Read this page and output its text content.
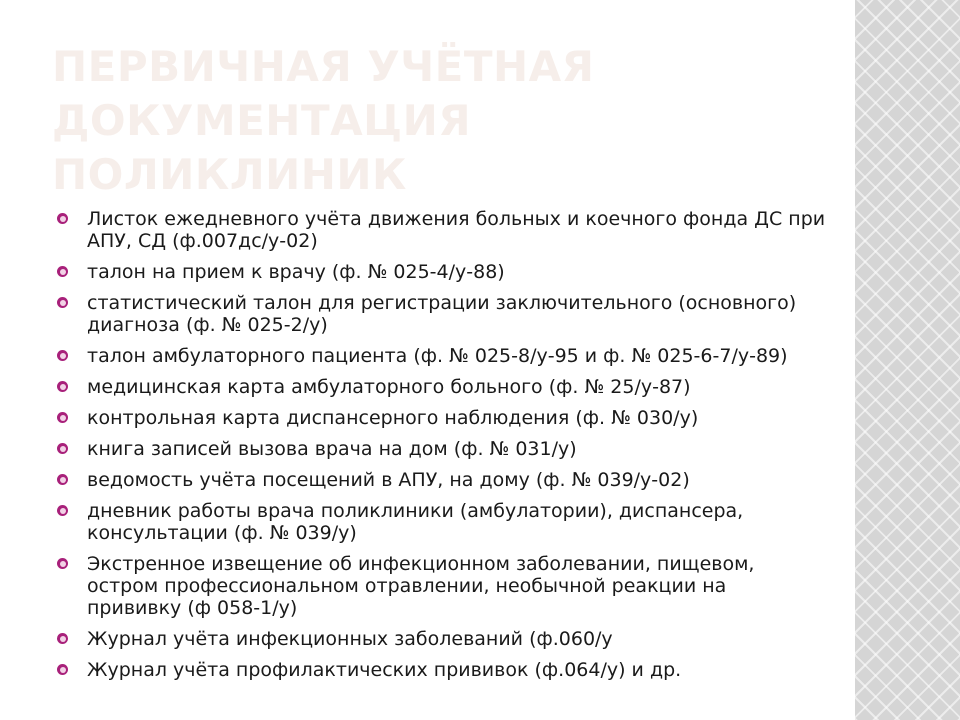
ПЕРВИЧНАЯ УЧЁТНАЯ ДОКУМЕНТАЦИЯ ПОЛИКЛИНИК
Листок ежедневного учёта движения больных и коечного фонда ДС при АПУ, СД (ф.007дс/у-02)
талон на прием к врачу (ф. № 025-4/у-88)
статистический талон для регистрации заключительного (основного) диагноза (ф. № 025-2/у)
талон амбулаторного пациента (ф. № 025-8/у-95 и ф. № 025-6-7/у-89)
медицинская карта амбулаторного больного (ф. № 25/у-87)
контрольная карта диспансерного наблюдения (ф. № 030/у)
книга записей вызова врача на дом (ф. № 031/у)
ведомость учёта посещений в АПУ, на дому (ф. № 039/у-02)
дневник работы врача поликлиники (амбулатории), диспансера, консультации (ф. № 039/у)
Экстренное извещение об инфекционном заболевании, пищевом, остром профессиональном отравлении, необычной реакции на прививку (ф 058-1/у)
Журнал учёта инфекционных заболеваний (ф.060/у
Журнал учёта профилактических прививок (ф.064/у) и др.
